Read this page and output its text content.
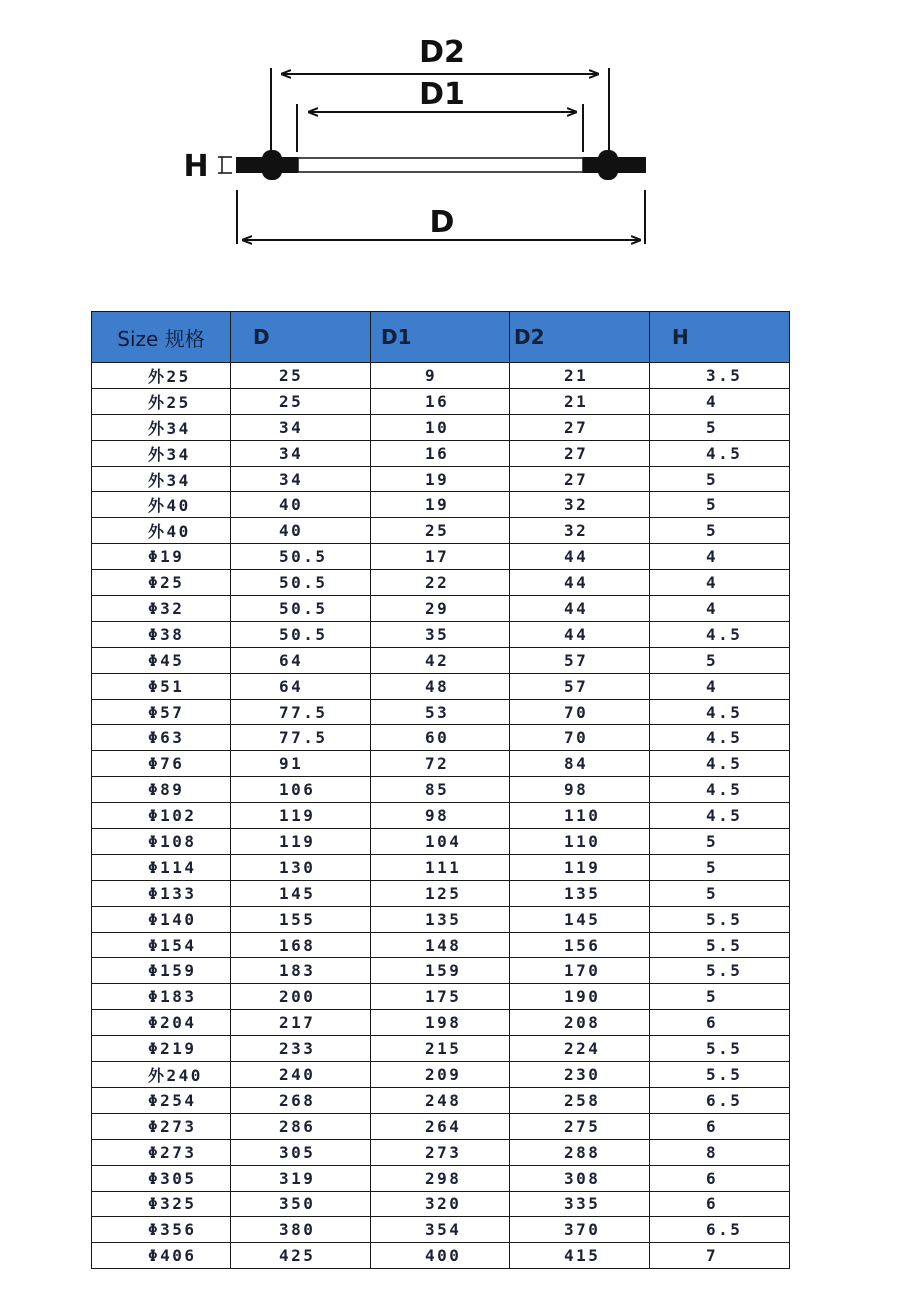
D2
D1
H
D
Size 规格	D	D1	D2	H
外25	25	9	21	3.5
外25	25	16	21	4
外34	34	10	27	5
外34	34	16	27	4.5
外34	34	19	27	5
外40	40	19	32	5
外40	40	25	32	5
Φ19	50.5	17	44	4
Φ25	50.5	22	44	4
Φ32	50.5	29	44	4
Φ38	50.5	35	44	4.5
Φ45	64	42	57	5
Φ51	64	48	57	4
Φ57	77.5	53	70	4.5
Φ63	77.5	60	70	4.5
Φ76	91	72	84	4.5
Φ89	106	85	98	4.5
Φ102	119	98	110	4.5
Φ108	119	104	110	5
Φ114	130	111	119	5
Φ133	145	125	135	5
Φ140	155	135	145	5.5
Φ154	168	148	156	5.5
Φ159	183	159	170	5.5
Φ183	200	175	190	5
Φ204	217	198	208	6
Φ219	233	215	224	5.5
外240	240	209	230	5.5
Φ254	268	248	258	6.5
Φ273	286	264	275	6
Φ273	305	273	288	8
Φ305	319	298	308	6
Φ325	350	320	335	6
Φ356	380	354	370	6.5
Φ406	425	400	415	7
